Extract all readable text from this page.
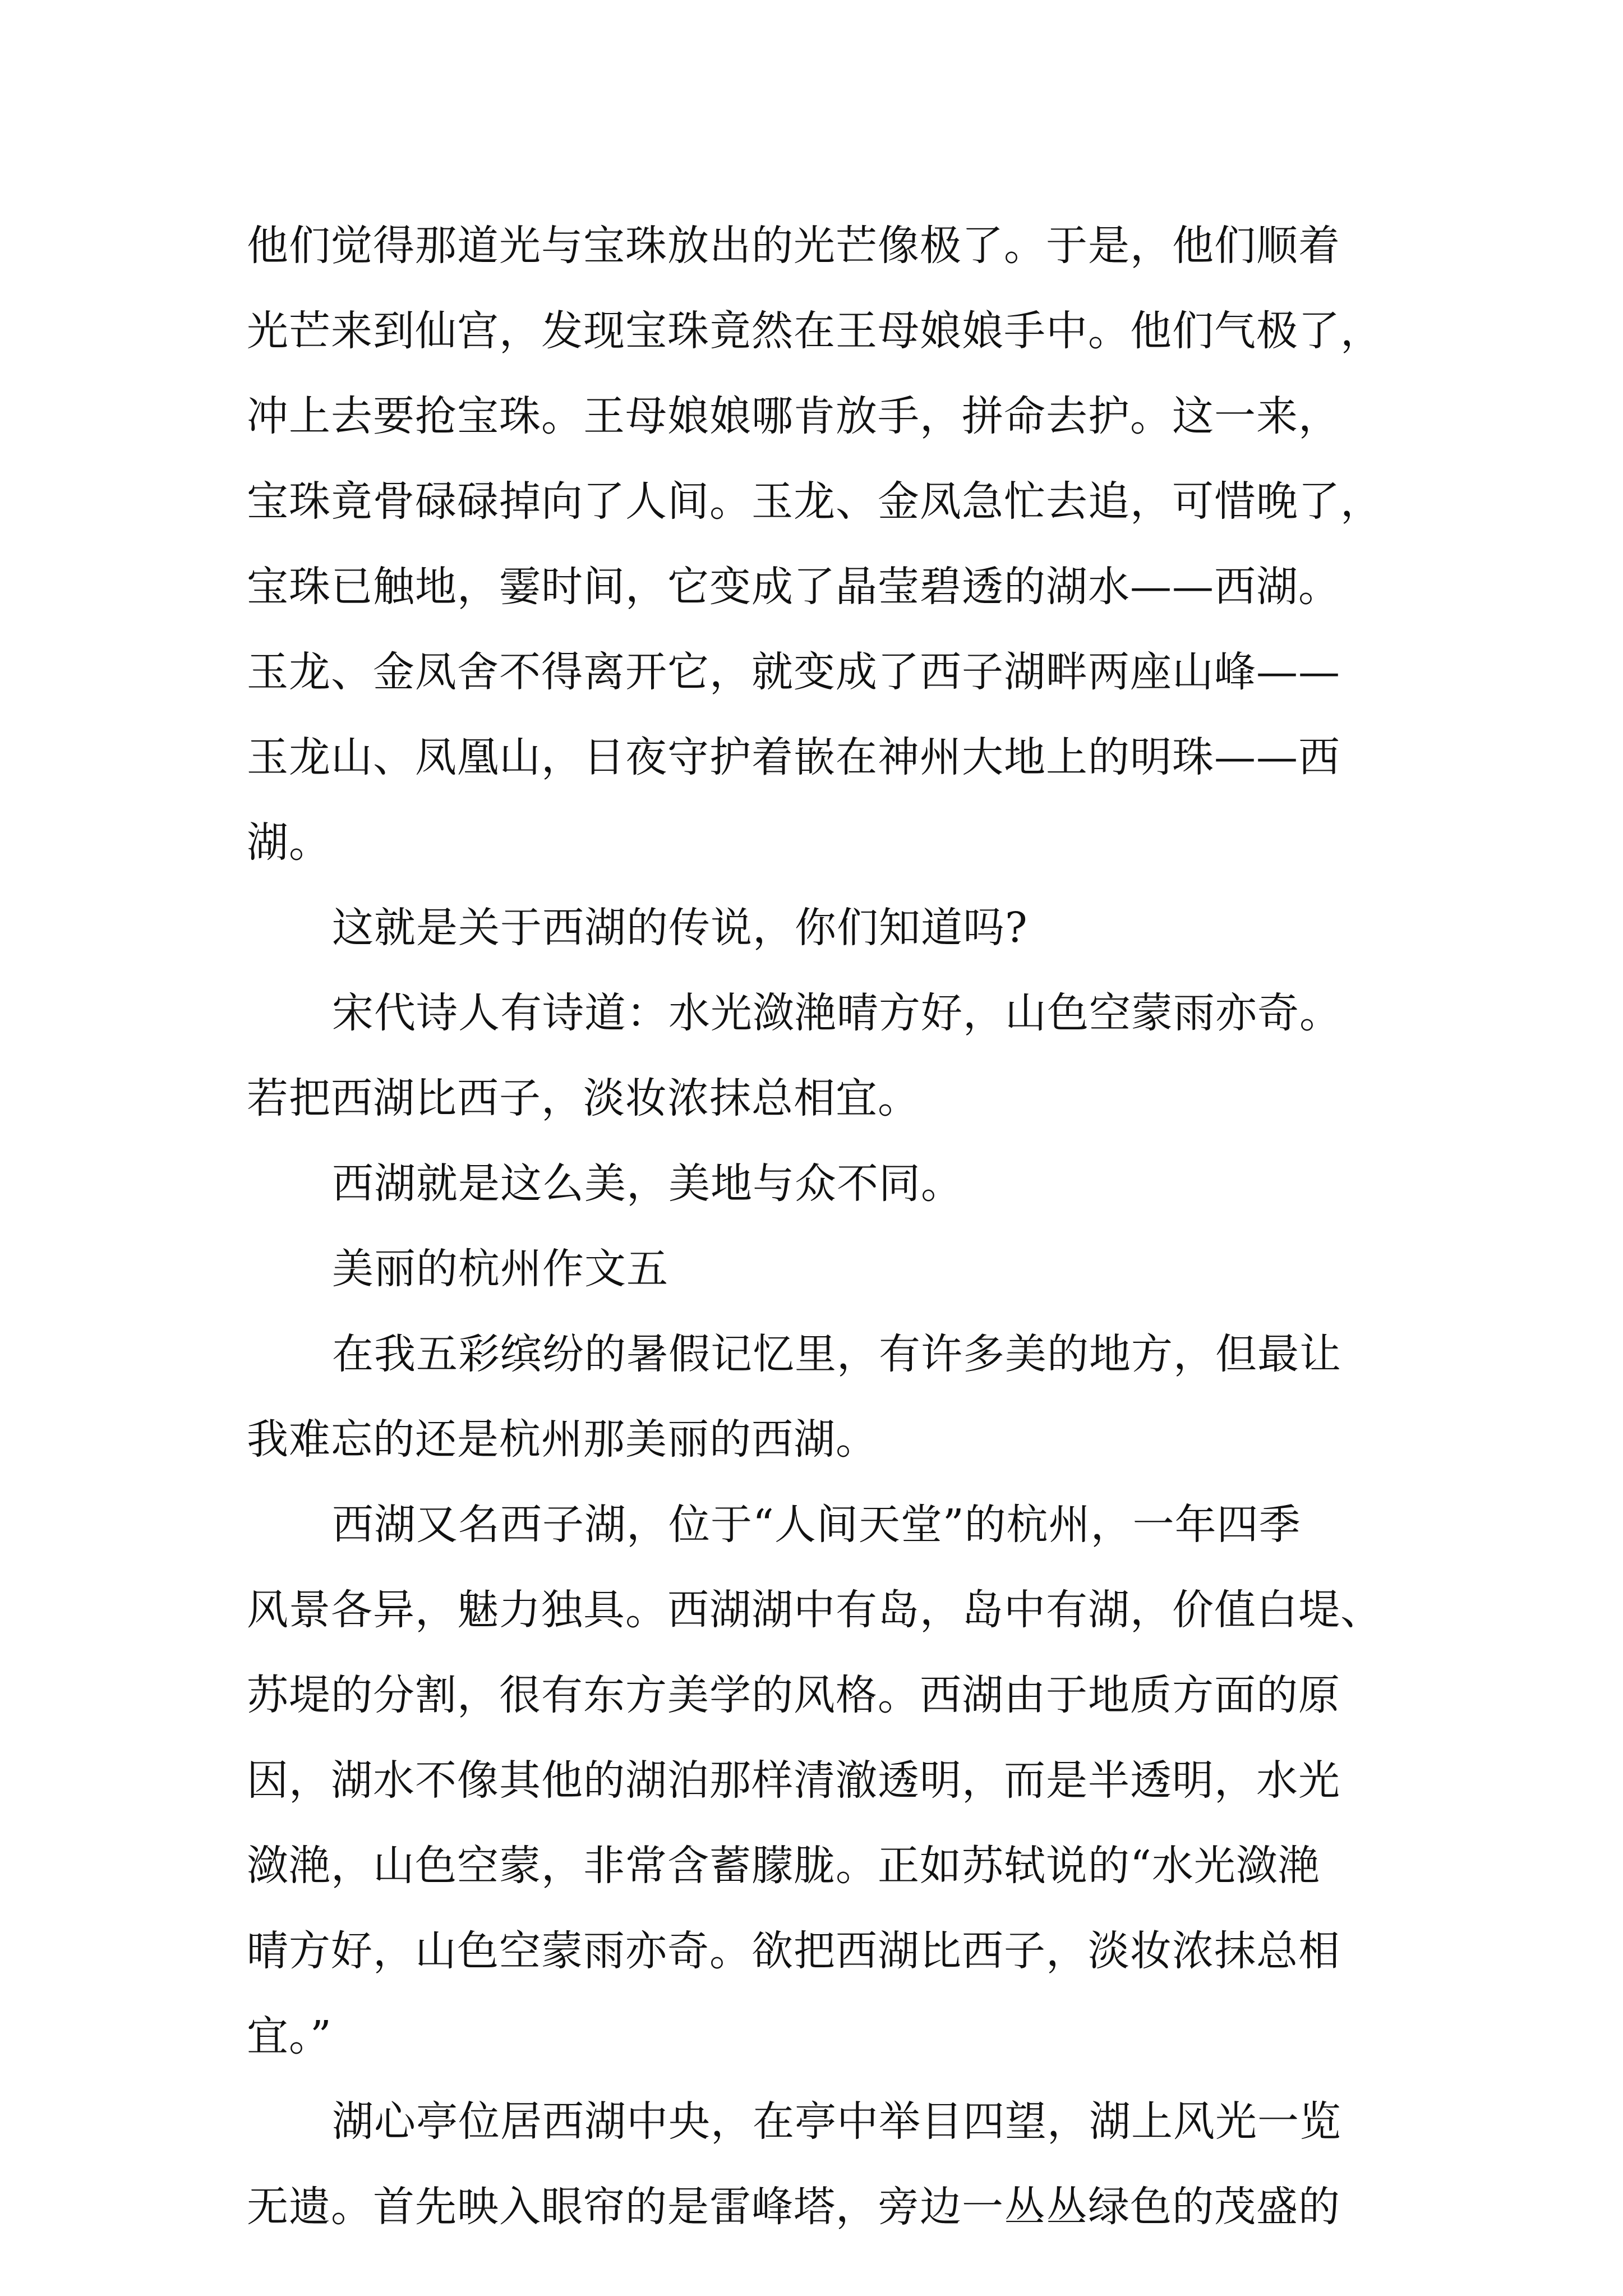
他们觉得那道光与宝珠放出的光芒像极了。于是，他们顺着
光芒来到仙宫，发现宝珠竟然在王母娘娘手中。他们气极了，
冲上去要抢宝珠。王母娘娘哪肯放手，拼命去护。这一来，
宝珠竟骨碌碌掉向了人间。玉龙、金凤急忙去追，可惜晚了，
宝珠已触地，霎时间，它变成了晶莹碧透的湖水——西湖。
玉龙、金凤舍不得离开它，就变成了西子湖畔两座山峰——
玉龙山、凤凰山，日夜守护着嵌在神州大地上的明珠——西
湖。
这就是关于西湖的传说，你们知道吗?
宋代诗人有诗道：水光潋滟晴方好，山色空蒙雨亦奇。
若把西湖比西子，淡妆浓抹总相宜。
西湖就是这么美，美地与众不同。
美丽的杭州作文五
在我五彩缤纷的暑假记忆里，有许多美的地方，但最让
我难忘的还是杭州那美丽的西湖。
西湖又名西子湖，位于“人间天堂”的杭州，一年四季
风景各异，魅力独具。西湖湖中有岛，岛中有湖，价值白堤、
苏堤的分割，很有东方美学的风格。西湖由于地质方面的原
因，湖水不像其他的湖泊那样清澈透明，而是半透明，水光
潋滟，山色空蒙，非常含蓄朦胧。正如苏轼说的“水光潋滟
晴方好，山色空蒙雨亦奇。欲把西湖比西子，淡妆浓抹总相
宜。”
湖心亭位居西湖中央，在亭中举目四望，湖上风光一览
无遗。首先映入眼帘的是雷峰塔，旁边一丛丛绿色的茂盛的
